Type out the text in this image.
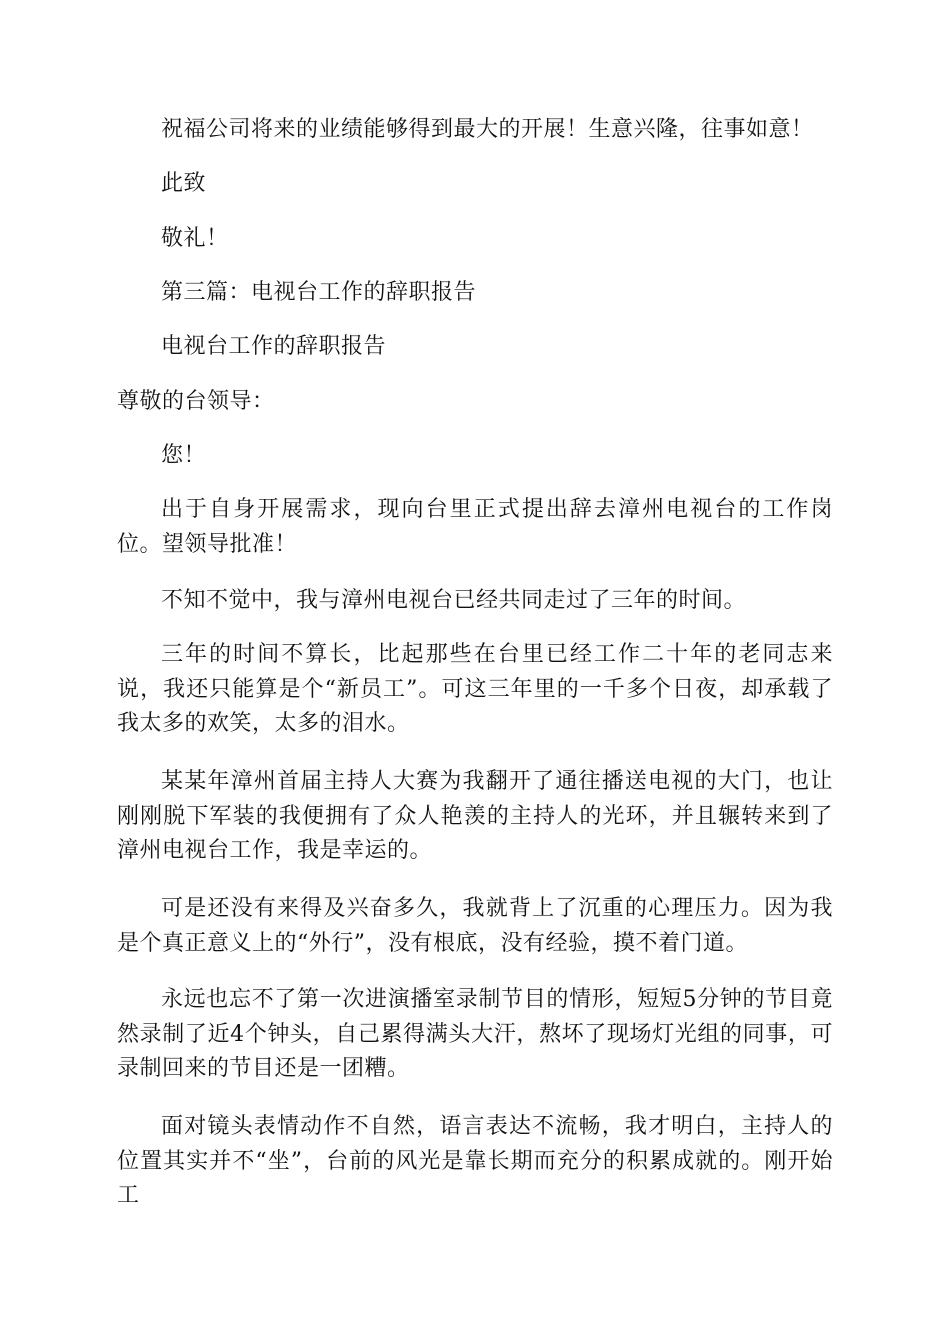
祝福公司将来的业绩能够得到最大的开展！生意兴隆，往事如意！
此致
敬礼！
第三篇：电视台工作的辞职报告
电视台工作的辞职报告
尊敬的台领导：
您！
出于自身开展需求，现向台里正式提出辞去漳州电视台的工作岗位。望领导批准！
不知不觉中，我与漳州电视台已经共同走过了三年的时间。
三年的时间不算长，比起那些在台里已经工作二十年的老同志来说，我还只能算是个“新员工”。可这三年里的一千多个日夜，却承载了我太多的欢笑，太多的泪水。
某某年漳州首届主持人大赛为我翻开了通往播送电视的大门，也让刚刚脱下军装的我便拥有了众人艳羡的主持人的光环，并且辗转来到了漳州电视台工作，我是幸运的。
可是还没有来得及兴奋多久，我就背上了沉重的心理压力。因为我是个真正意义上的“外行”，没有根底，没有经验，摸不着门道。
永远也忘不了第一次进演播室录制节目的情形，短短5分钟的节目竟然录制了近4个钟头，自己累得满头大汗，熬坏了现场灯光组的同事，可录制回来的节目还是一团糟。
面对镜头表情动作不自然，语言表达不流畅，我才明白，主持人的位置其实并不“坐”，台前的风光是靠长期而充分的积累成就的。刚开始工
